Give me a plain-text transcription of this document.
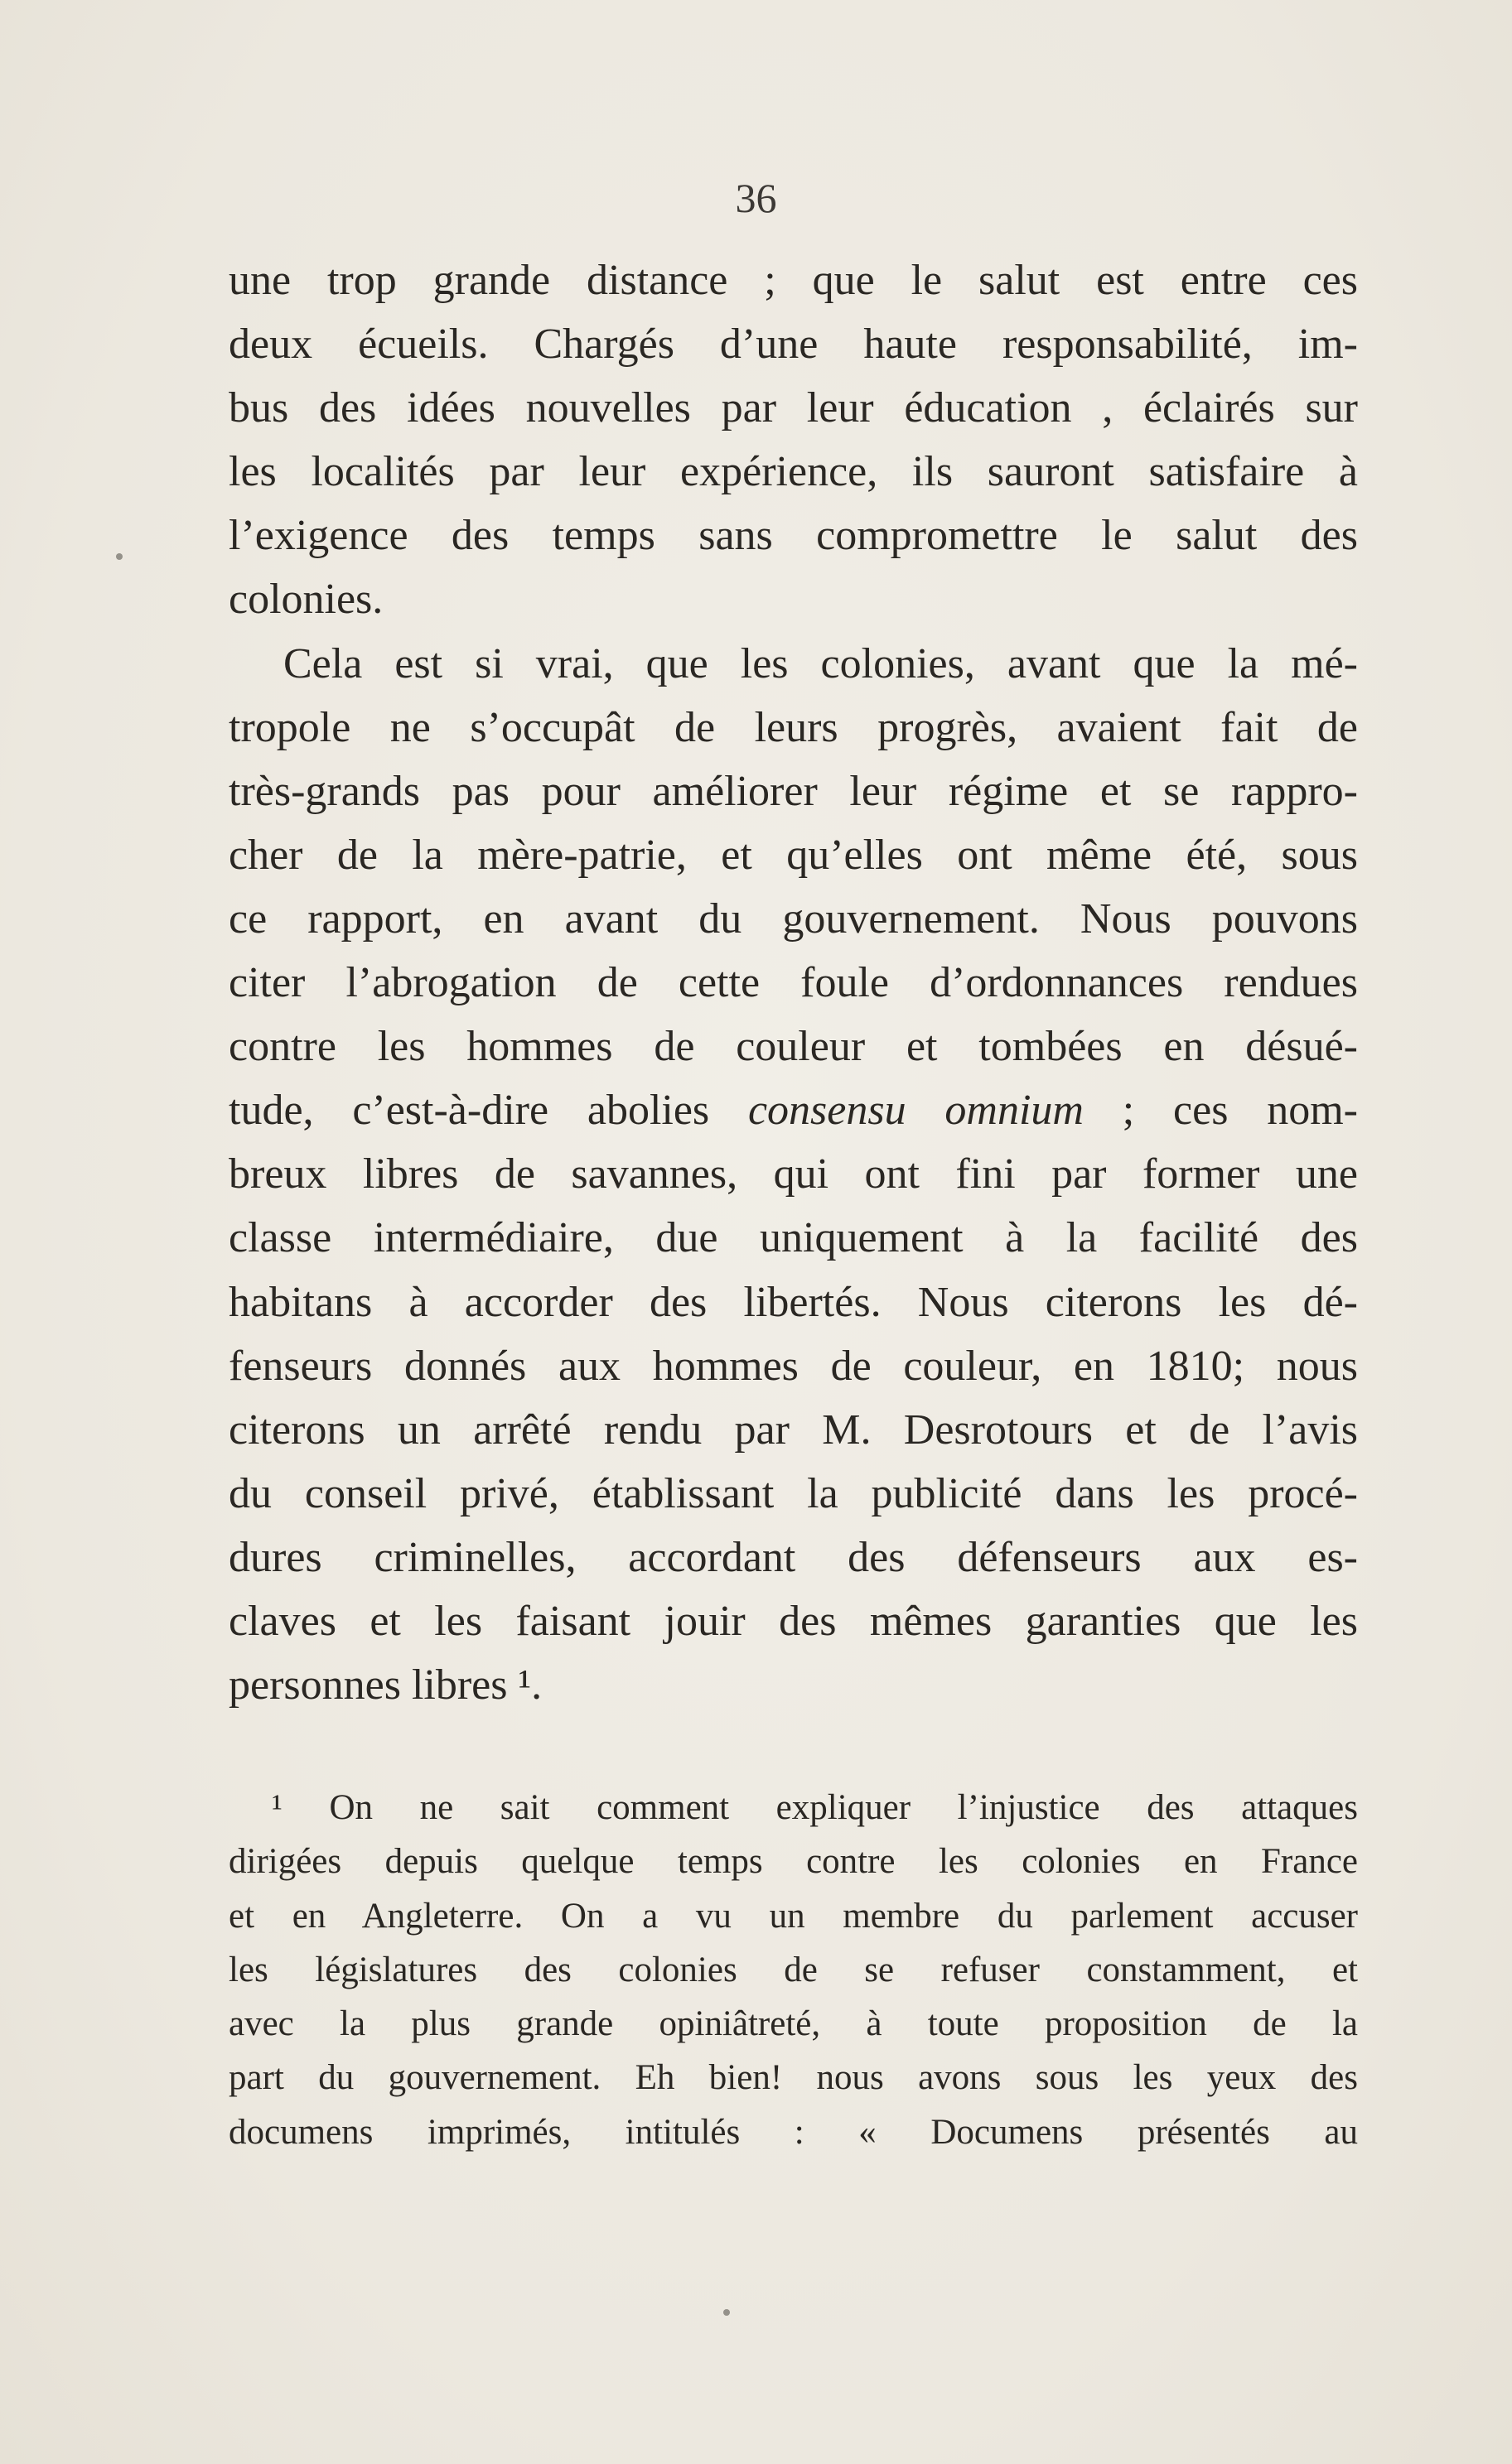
36
une trop grande distance ; que le salut est entre ces
deux écueils. Chargés d’une haute responsabilité, im-
bus des idées nouvelles par leur éducation , éclairés sur
les localités par leur expérience, ils sauront satisfaire à
l’exigence des temps sans compromettre le salut des
colonies.
Cela est si vrai, que les colonies, avant que la mé-
tropole ne s’occupât de leurs progrès, avaient fait de
très-grands pas pour améliorer leur régime et se rappro-
cher de la mère-patrie, et qu’elles ont même été, sous
ce rapport, en avant du gouvernement. Nous pouvons
citer l’abrogation de cette foule d’ordonnances rendues
contre les hommes de couleur et tombées en désué-
tude, c’est-à-dire abolies consensu omnium ; ces nom-
breux libres de savannes, qui ont fini par former une
classe intermédiaire, due uniquement à la facilité des
habitans à accorder des libertés. Nous citerons les dé-
fenseurs donnés aux hommes de couleur, en 1810; nous
citerons un arrêté rendu par M. Desrotours et de l’avis
du conseil privé, établissant la publicité dans les procé-
dures criminelles, accordant des défenseurs aux es-
claves et les faisant jouir des mêmes garanties que les
personnes libres ¹.
¹ On ne sait comment expliquer l’injustice des attaques
dirigées depuis quelque temps contre les colonies en France
et en Angleterre. On a vu un membre du parlement accuser
les législatures des colonies de se refuser constamment, et
avec la plus grande opiniâtreté, à toute proposition de la
part du gouvernement. Eh bien! nous avons sous les yeux des
documens imprimés, intitulés : « Documens présentés au
